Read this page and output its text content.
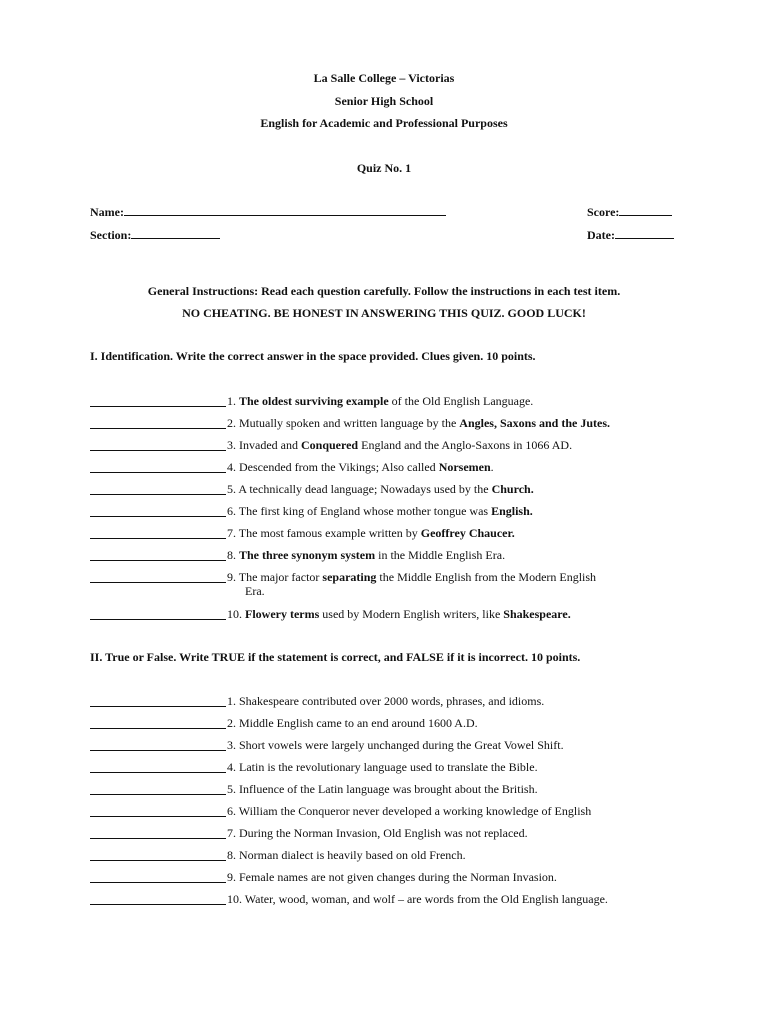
La Salle College – Victorias
Senior High School
English for Academic and Professional Purposes
Quiz No. 1
Name:	Score:
Section:	Date:
General Instructions: Read each question carefully. Follow the instructions in each test item.
NO CHEATING. BE HONEST IN ANSWERING THIS QUIZ. GOOD LUCK!
I. Identification. Write the correct answer in the space provided. Clues given. 10 points.
1. The oldest surviving example of the Old English Language.
2. Mutually spoken and written language by the Angles, Saxons and the Jutes.
3. Invaded and Conquered England and the Anglo-Saxons in 1066 AD.
4. Descended from the Vikings; Also called Norsemen.
5. A technically dead language; Nowadays used by the Church.
6. The first king of England whose mother tongue was English.
7. The most famous example written by Geoffrey Chaucer.
8. The three synonym system in the Middle English Era.
9. The major factor separating the Middle English from the Modern English
Era.
10. Flowery terms used by Modern English writers, like Shakespeare.
II. True or False. Write TRUE if the statement is correct, and FALSE if it is incorrect. 10 points.
1. Shakespeare contributed over 2000 words, phrases, and idioms.
2. Middle English came to an end around 1600 A.D.
3. Short vowels were largely unchanged during the Great Vowel Shift.
4. Latin is the revolutionary language used to translate the Bible.
5. Influence of the Latin language was brought about the British.
6. William the Conqueror never developed a working knowledge of English
7. During the Norman Invasion, Old English was not replaced.
8. Norman dialect is heavily based on old French.
9. Female names are not given changes during the Norman Invasion.
10. Water, wood, woman, and wolf – are words from the Old English language.
